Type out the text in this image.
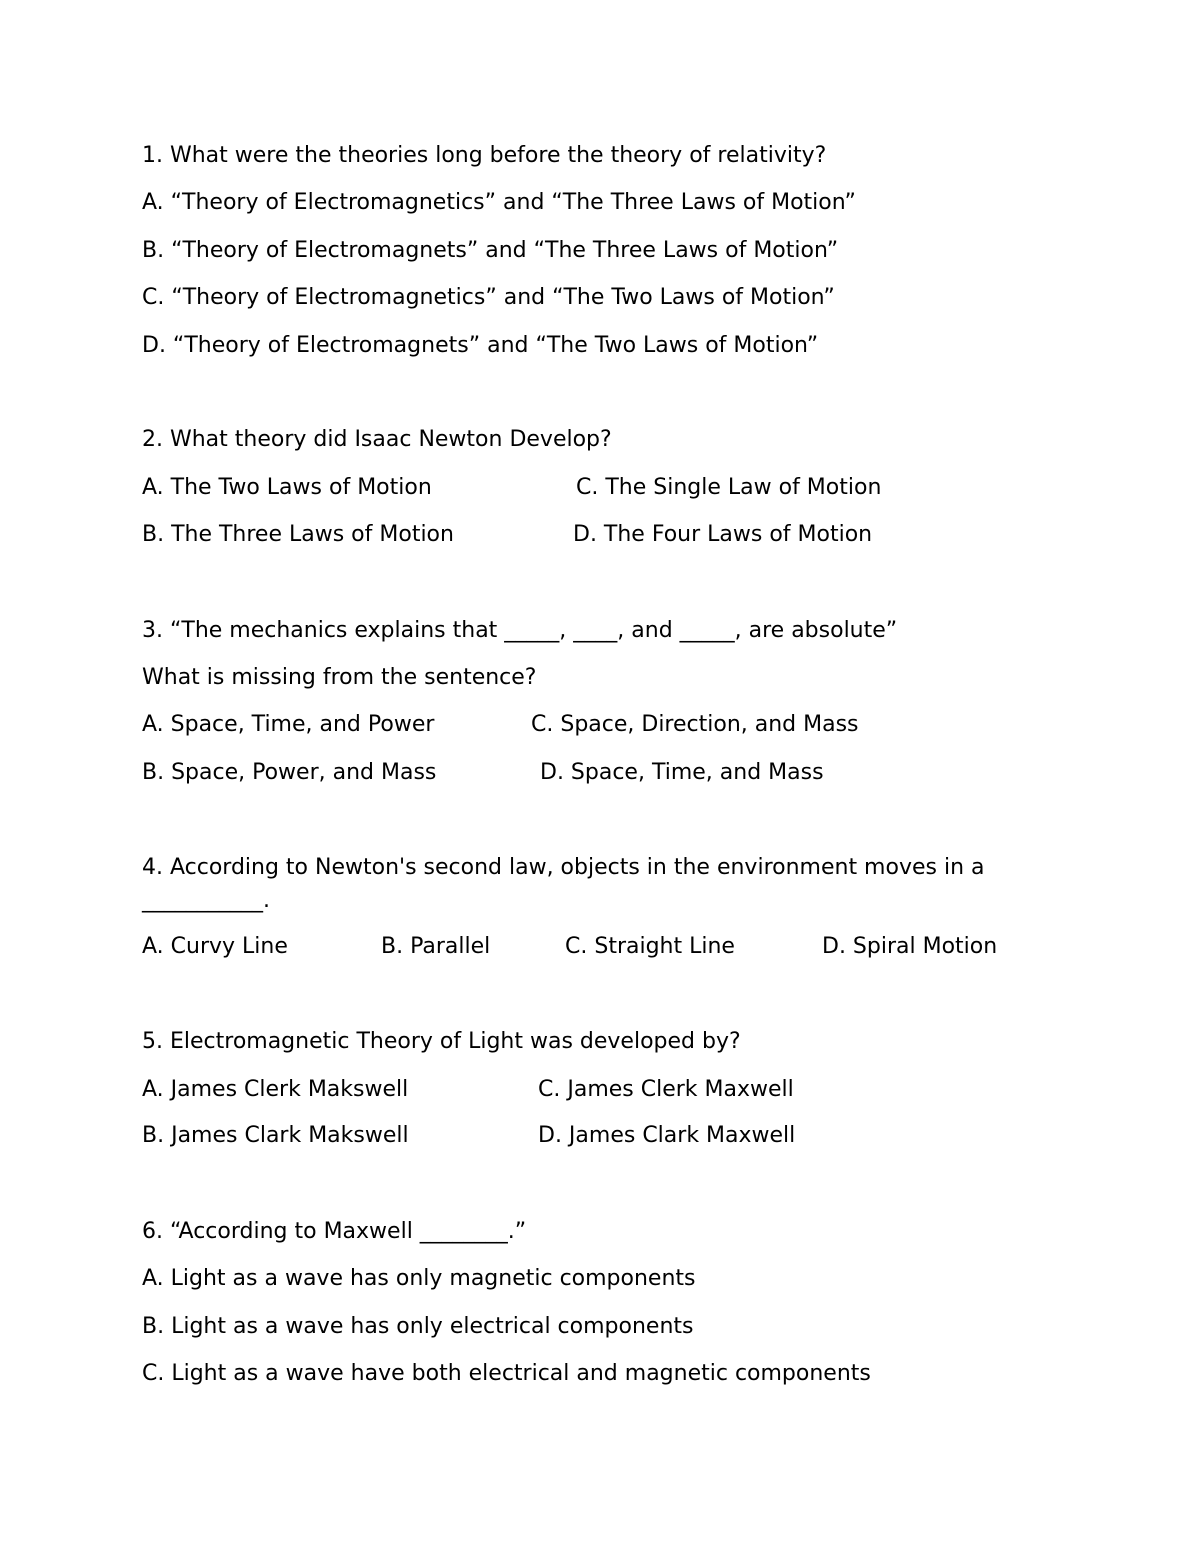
1. What were the theories long before the theory of relativity?
A. “Theory of Electromagnetics” and “The Three Laws of Motion”
B. “Theory of Electromagnets” and “The Three Laws of Motion”
C. “Theory of Electromagnetics” and “The Two Laws of Motion”
D. “Theory of Electromagnets” and “The Two Laws of Motion”
2. What theory did Isaac Newton Develop?
A. The Two Laws of Motion	C. The Single Law of Motion
B. The Three Laws of Motion	D. The Four Laws of Motion
3. “The mechanics explains that _____, ____, and _____, are absolute”
What is missing from the sentence?
A. Space, Time, and Power	C. Space, Direction, and Mass
B. Space, Power, and Mass	D. Space, Time, and Mass
4. According to Newton's second law, objects in the environment moves in a
___________.
A. Curvy Line	B. Parallel	C. Straight Line	D. Spiral Motion
5. Electromagnetic Theory of Light was developed by?
A. James Clerk Makswell	C. James Clerk Maxwell
B. James Clark Makswell	D. James Clark Maxwell
6. “According to Maxwell ________.”
A. Light as a wave has only magnetic components
B. Light as a wave has only electrical components
C. Light as a wave have both electrical and magnetic components
